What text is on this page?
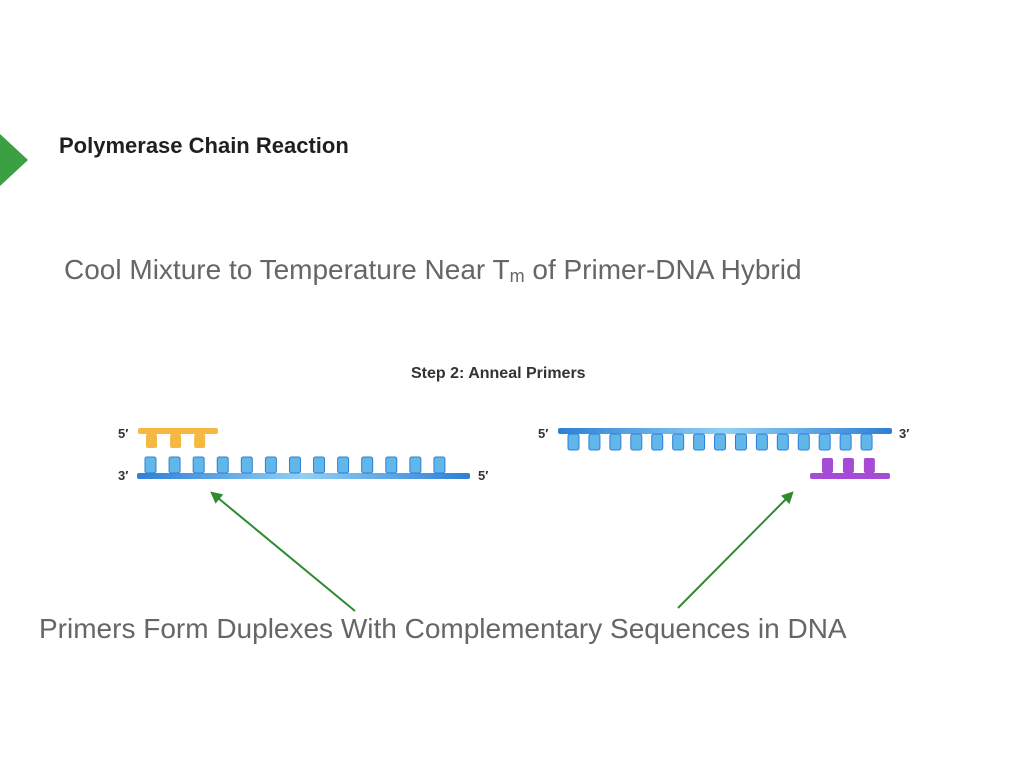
Polymerase Chain Reaction
Cool Mixture to Temperature Near Tm of Primer-DNA Hybrid
Step 2: Anneal Primers
5′
3′	5′
5′	3′
Primers Form Duplexes With Complementary Sequences in DNA
